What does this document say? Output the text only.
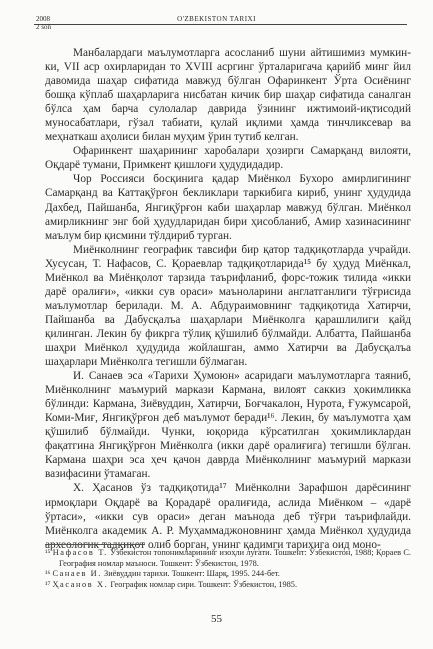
2008
2 son
O'ZBEKISTON TARIXI

Манбалардаги маълумотларга асосланиб шуни айтишимиз мумкин-ки, VII аср охирларидан то XVIII асргинг ўрталаригача қарийб минг йил давомида шаҳар сифатида мавжуд бўлган Офаринкент Ўрта Осиёнинг бошқа кўплаб шаҳарларига нисбатан кичик бир шаҳар сифатида саналган бўлса ҳам барча сулолалар даврида ўзининг ижтимоий-иқтисодий муносабатлари, гўзал табиати, қулай иқлими ҳамда тинчликсевар ва меҳнаткаш аҳолиси билан муҳим ўрин тутиб келган.

Офаринкент шаҳарининг харобалари ҳозирги Самарқанд вилояти, Оқдарё тумани, Примкент қишлоғи ҳудудидадир.

Чор Россияси босқинига қадар Миёнкол Бухоро амирлигининг Самарқанд ва Каттақўрғон бекликлари таркибига кириб, унинг ҳудудида Дахбед, Пайшанба, Янгиқўрғон каби шаҳарлар мавжуд бўлган. Миёнкол амирликнинг энг бой ҳудудларидан бири ҳисобланиб, Амир хазинасининг маълум бир қисмини тўлдириб турган.

Миёнколнинг географик тавсифи бир қатор тадқиқотларда учрайди. Хусусан, Т. Нафасов, С. Қораевлар тадқиқотларида¹⁵ бу ҳудуд Миёнкал, Миёнкол ва Миёнқолот тарзида таърифланиб, форс-тожик тилида «икки дарё оралиғи», «икки сув ораси» маъноларини англатганлиги тўғрисида маълумотлар берилади. М. А. Абдураимовнинг тадқиқотида Хатирчи, Пайшанба ва Дабусқалъа шаҳарлари Миёнколга қарашлилиги қайд қилинган. Лекин бу фикрга тўлиқ қўшилиб бўлмайди. Албатта, Пайшанба шаҳри Миёнкол ҳудудида жойлашган, аммо Хатирчи ва Дабусқалъа шаҳарлари Миёнколга тегишли бўлмаган.

И. Санаев эса «Тарихи Ҳумоюн» асаридаги маълумотларга таяниб, Миёнколнинг маъмурий маркази Кармана, вилоят саккиз ҳокимликка бўлинди: Кармана, Зиёвуддин, Хатирчи, Боғчакалон, Нурота, Ғужумсарой, Коми-Миғ, Янгиқўрғон деб маълумот беради¹⁶. Лекин, бу маълумотга ҳам қўшилиб бўлмайди. Чунки, юқорида кўрсатилган ҳокимликлардан фақатгина Янгиқўрғон Миёнколга (икки дарё оралиғига) тегишли бўлган. Кармана шаҳри эса ҳеч қачон даврда Миёнколнинг маъмурий маркази вазифасини ўтамаган.

Х. Ҳасанов ўз тадқиқотида¹⁷ Миёнколни Зарафшон дарёсининг ирмоқлари Оқдарё ва Қорадарё оралиғида, аслида Миёнком – «дарё ўртаси», «икки сув ораси» деган маънода деб тўғри таърифлайди. Миёнколга академик А. Р. Муҳаммаджоновнинг ҳамда Миёнкол ҳудудида археологик тадқиқот олиб борган, унинг қадимги тарихига оид моно-

¹⁵ Нафасов Т. Ўзбекистон топонимларининг изоҳли луғати. Тошкент: Ўзбекистон, 1988; Қораев С. География номлар маъноси. Тошкент: Ўзбекистон, 1978.

¹⁶ Санаев И. Зиёвуддин тарихи. Тошкент: Шарқ, 1995. 244-бет.

¹⁷ Ҳасанов Х. Географик номлар сири. Тошкент: Ўзбекистон, 1985.

55
